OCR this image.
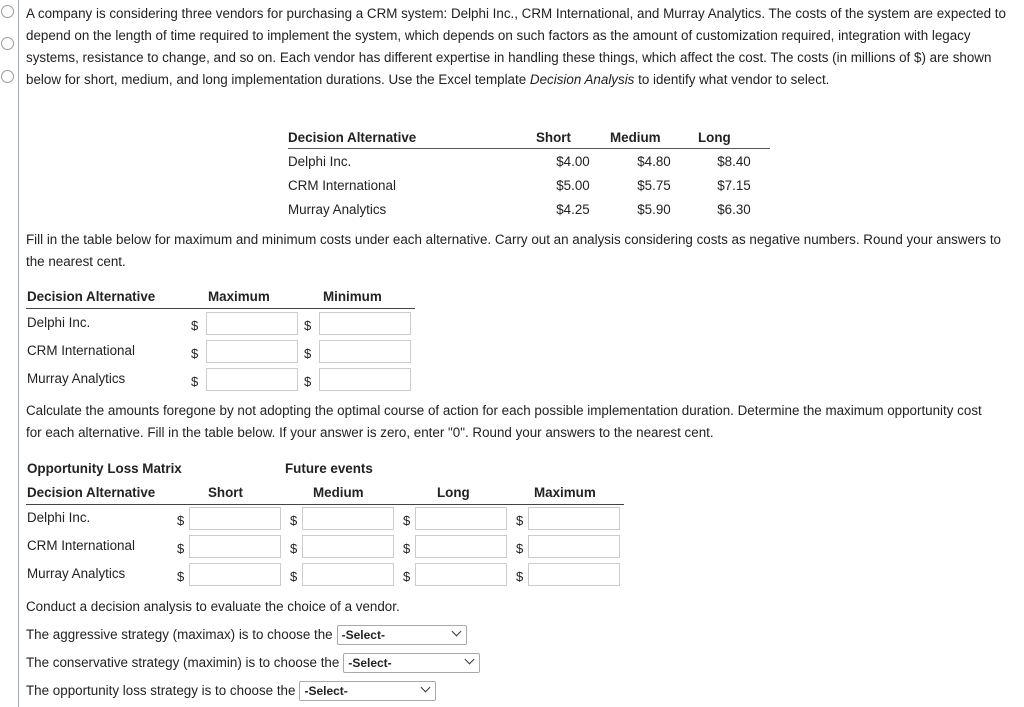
A company is considering three vendors for purchasing a CRM system: Delphi Inc., CRM International, and Murray Analytics. The costs of the system are expected to depend on the length of time required to implement the system, which depends on such factors as the amount of customization required, integration with legacy systems, resistance to change, and so on. Each vendor has different expertise in handling these things, which affect the cost. The costs (in millions of $) are shown below for short, medium, and long implementation durations. Use the Excel template Decision Analysis to identify what vendor to select.

Decision Alternative	Short	Medium	Long
Delphi Inc.	$4.00	$4.80	$8.40
CRM International	$5.00	$5.75	$7.15
Murray Analytics	$4.25	$5.90	$6.30

Fill in the table below for maximum and minimum costs under each alternative. Carry out an analysis considering costs as negative numbers. Round your answers to the nearest cent.

Decision Alternative	Maximum	Minimum
Delphi Inc.	$	$
CRM International	$	$
Murray Analytics	$	$

Calculate the amounts foregone by not adopting the optimal course of action for each possible implementation duration. Determine the maximum opportunity cost for each alternative. Fill in the table below. If your answer is zero, enter "0". Round your answers to the nearest cent.

Opportunity Loss Matrix	Future events
Decision Alternative	Short	Medium	Long	Maximum
Delphi Inc.	$	$	$	$
CRM International	$	$	$	$
Murray Analytics	$	$	$	$

Conduct a decision analysis to evaluate the choice of a vendor.

The aggressive strategy (maximax) is to choose the -Select-
The conservative strategy (maximin) is to choose the -Select-
The opportunity loss strategy is to choose the -Select-
